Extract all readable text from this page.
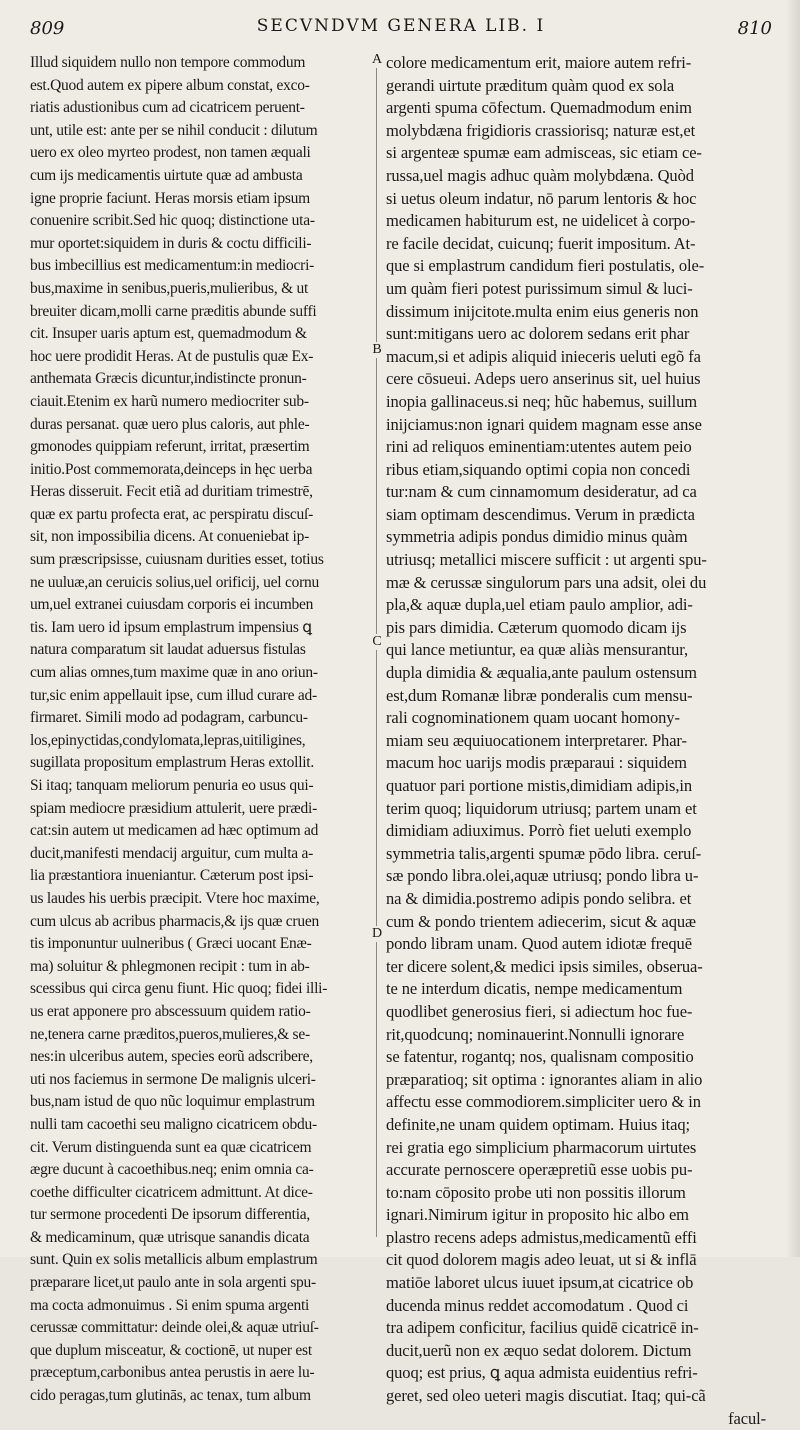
809	SECVNDVM GENERA LIB. I	810
Illud siquidem nullo non tempore commodum
est.Quod autem ex pipere album constat, exco-
riatis adustionibus cum ad cicatricem peruent-
unt, utile est: ante per se nihil conducit : dilutum
uero ex oleo myrteo prodest, non tamen æquali
cum ijs medicamentis uirtute quæ ad ambusta
igne proprie faciunt. Heras morsis etiam ipsum
conuenire scribit.Sed hic quoq; distinctione uta-
mur oportet:siquidem in duris & coctu difficili-
bus imbecillius est medicamentum:in mediocri-
bus,maxime in senibus,pueris,mulieribus, & ut
breuiter dicam,molli carne præditis abunde suffi
cit. Insuper uaris aptum est, quemadmodum &
hoc uere prodidit Heras. At de pustulis quæ Ex-
anthemata Græcis dicuntur,indistincte pronun-
ciauit.Etenim ex harũ numero mediocriter sub-
duras persanat. quæ uero plus caloris, aut phle-
gmonodes quippiam referunt, irritat, præsertim
initio.Post commemorata,deinceps in hęc uerba
Heras disseruit. Fecit etiã ad duritiam trimestrē,
quæ ex partu profecta erat, ac perspiratu discuſ-
sit, non impossibilia dicens. At conueniebat ip-
sum præscripsisse, cuiusnam durities esset, totius
ne uuluæ,an ceruicis solius,uel orificij, uel cornu
um,uel extranei cuiusdam corporis ei incumben
tis. Iam uero id ipsum emplastrum impensius ꝗ
natura comparatum sit laudat aduersus fistulas
cum alias omnes,tum maxime quæ in ano oriun-
tur,sic enim appellauit ipse, cum illud curare ad-
firmaret. Simili modo ad podagram, carbuncu-
los,epinyctidas,condylomata,lepras,uitiligines,
sugillata propositum emplastrum Heras extollit.
Si itaq; tanquam meliorum penuria eo usus qui-
spiam mediocre præsidium attulerit, uere prædi-
cat:sin autem ut medicamen ad hæc optimum ad
ducit,manifesti mendacij arguitur, cum multa a-
lia præstantiora inueniantur. Cæterum post ipsi-
us laudes his uerbis præcipit. Vtere hoc maxime,
cum ulcus ab acribus pharmacis,& ijs quæ cruen
tis imponuntur uulneribus ( Græci uocant Enæ-
ma) soluitur & phlegmonen recipit : tum in ab-
scessibus qui circa genu fiunt. Hic quoq; fidei illi-
us erat apponere pro abscessuum quidem ratio-
ne,tenera carne præditos,pueros,mulieres,& se-
nes:in ulceribus autem, species eorũ adscribere,
uti nos faciemus in sermone De malignis ulceri-
bus,nam istud de quo nũc loquimur emplastrum
nulli tam cacoethi seu maligno cicatricem obdu-
cit. Verum distinguenda sunt ea quæ cicatricem
ægre ducunt à cacoethibus.neq; enim omnia ca-
coethe difficulter cicatricem admittunt. At dice-
tur sermone procedenti De ipsorum differentia,
& medicaminum, quæ utrisque sanandis dicata
sunt. Quin ex solis metallicis album emplastrum
præparare licet,ut paulo ante in sola argenti spu-
ma cocta admonuimus . Si enim spuma argenti
cerussæ committatur: deinde olei,& aquæ utriuſ-
que duplum misceatur, & coctionē, ut nuper est
præceptum,carbonibus antea perustis in aere lu-
cido peragas,tum glutinās, ac tenax, tum album
colore medicamentum erit, maiore autem refri-
gerandi uirtute præditum quàm quod ex sola
argenti spuma cōfectum. Quemadmodum enim
molybdæna frigidioris crassiorisq; naturæ est,et
si argenteæ spumæ eam admisceas, sic etiam ce-
russa,uel magis adhuc quàm molybdæna. Quòd
si uetus oleum indatur, nō parum lentoris & hoc
medicamen habiturum est, ne uidelicet à corpo-
re facile decidat, cuicunq; fuerit impositum. At-
que si emplastrum candidum fieri postulatis, ole-
um quàm fieri potest purissimum simul & luci-
dissimum inijcitote.multa enim eius generis non
sunt:mitigans uero ac dolorem sedans erit phar
macum,si et adipis aliquid inieceris ueluti egõ fa
cere cōsueui. Adeps uero anserinus sit, uel huius
inopia gallinaceus.si neq; hũc habemus, suillum
inijciamus:non ignari quidem magnam esse anse
rini ad reliquos eminentiam:utentes autem peio
ribus etiam,siquando optimi copia non concedi
tur:nam & cum cinnamomum desideratur, ad ca
siam optimam descendimus. Verum in prædicta
symmetria adipis pondus dimidio minus quàm
utriusq; metallici miscere sufficit : ut argenti spu-
mæ & cerussæ singulorum pars una adsit, olei du
pla,& aquæ dupla,uel etiam paulo amplior, adi-
pis pars dimidia. Cæterum quomodo dicam ijs
qui lance metiuntur, ea quæ aliàs mensurantur,
dupla dimidia & æqualia,ante paulum ostensum
est,dum Romanæ libræ ponderalis cum mensu-
rali cognominationem quam uocant homony-
miam seu æquiuocationem interpretarer. Phar-
macum hoc uarijs modis præparaui : siquidem
quatuor pari portione mistis,dimidiam adipis,in
terim quoq; liquidorum utriusq; partem unam et
dimidiam adiuximus. Porrò fiet ueluti exemplo
symmetria talis,argenti spumæ pōdo libra. ceruſ-
sæ pondo libra.olei,aquæ utriusq; pondo libra u-
na & dimidia.postremo adipis pondo selibra. et
cum & pondo trientem adiecerim, sicut & aquæ
pondo libram unam. Quod autem idiotæ frequē
ter dicere solent,& medici ipsis similes, obserua-
te ne interdum dicatis, nempe medicamentum
quodlibet generosius fieri, si adiectum hoc fue-
rit,quodcunq; nominauerint.Nonnulli ignorare
se fatentur, rogantq; nos, qualisnam compositio
præparatioq; sit optima : ignorantes aliam in alio
affectu esse commodiorem.simpliciter uero & in
definite,ne unam quidem optimam. Huius itaq;
rei gratia ego simplicium pharmacorum uirtutes
accurate pernoscere operæpretiũ esse uobis pu-
to:nam cōposito probe uti non possitis illorum
ignari.Nimirum igitur in proposito hic albo em
plastro recens adeps admistus,medicamentũ effi
cit quod dolorem magis adeo leuat, ut si & inflā
matiōe laboret ulcus iuuet ipsum,at cicatrice ob
ducenda minus reddet accomodatum . Quod ci
tra adipem conficitur, facilius quidē cicatricē in-
ducit,uerũ non ex æquo sedat dolorem. Dictum
quoq; est prius, ꝗ aqua admista euidentius refri-
geret, sed oleo ueteri magis discutiat. Itaq; qui-cã
facul-
A
B
C
D
